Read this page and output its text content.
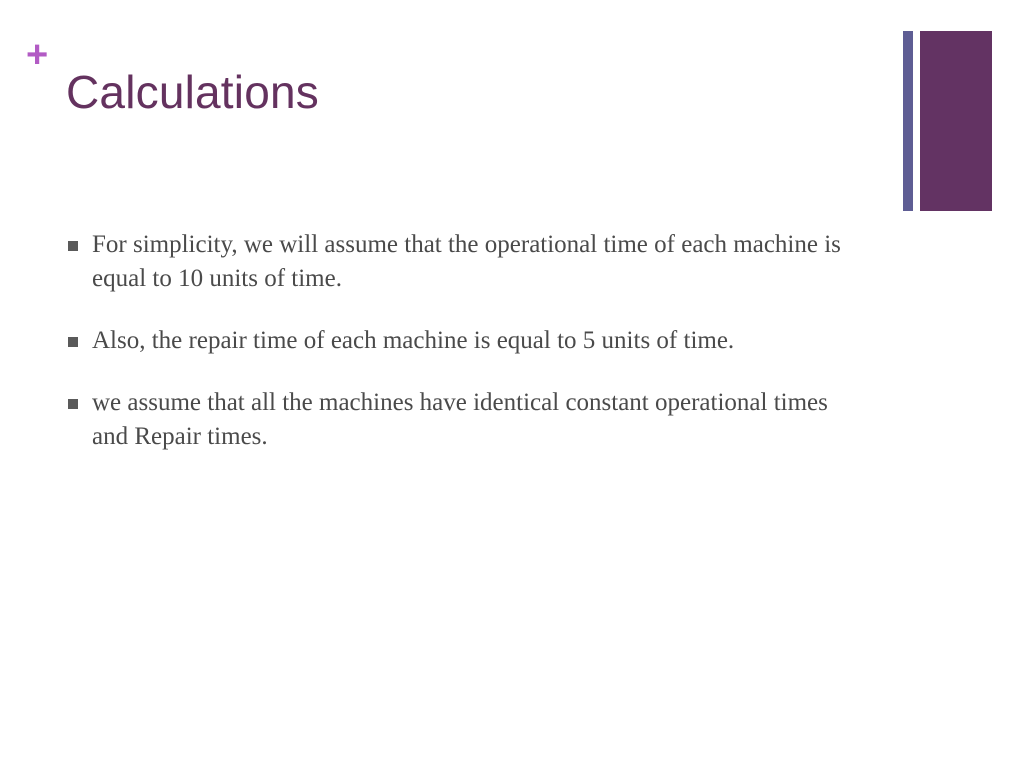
+
Calculations
For simplicity, we will assume that the operational time of each machine is equal to 10 units of time.
Also, the repair time of each machine is equal to 5 units of time.
we assume that all the machines have identical constant operational times and Repair times.
